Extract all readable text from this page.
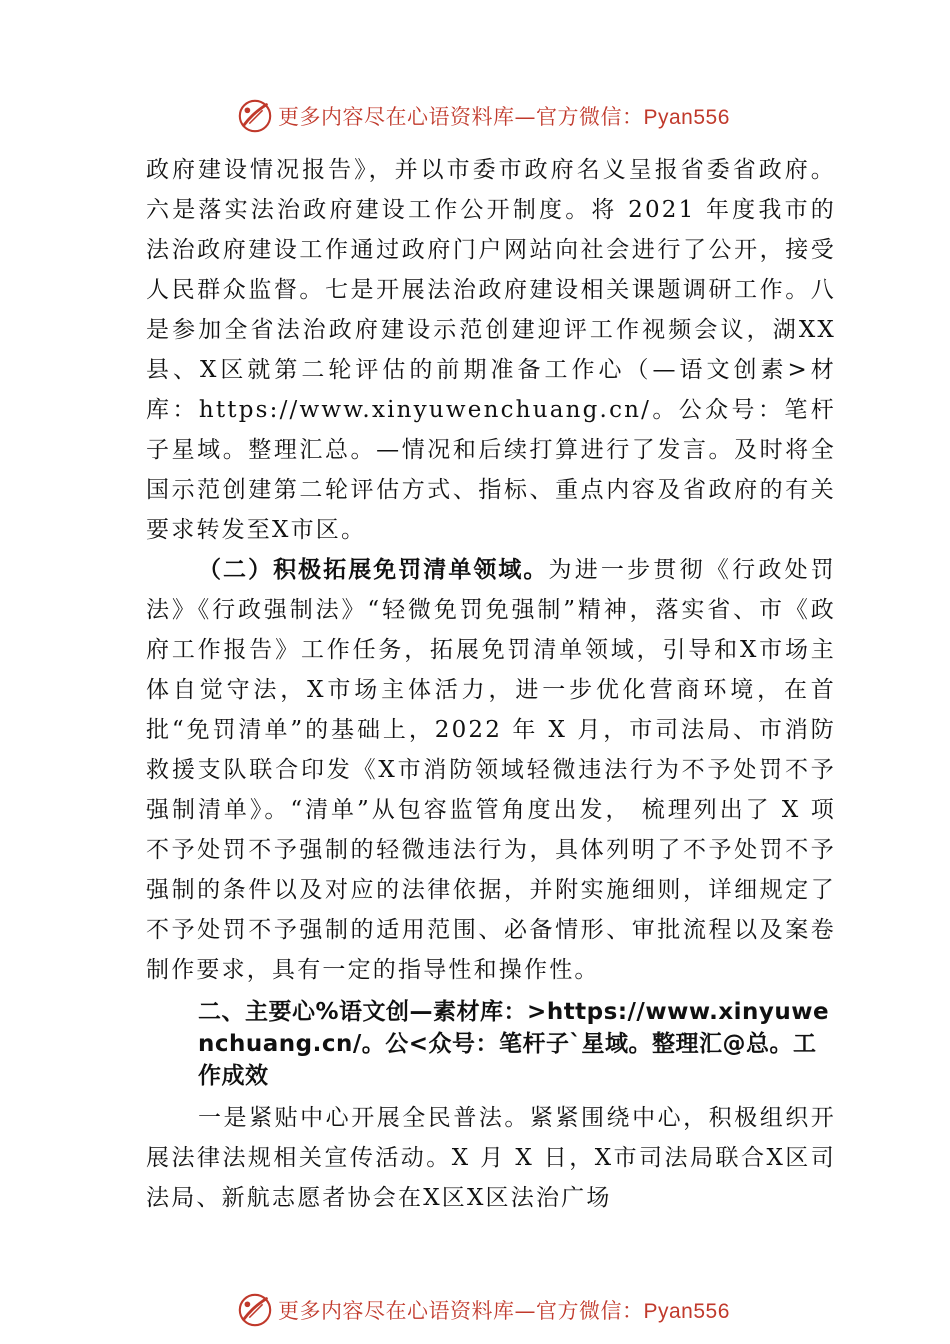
更多内容尽在心语资料库—官方微信：Pyan556

政府建设情况报告》，并以市委市政府名义呈报省委省政府。六是落实法治政府建设工作公开制度。将 2021 年度我市的法治政府建设工作通过政府门户网站向社会进行了公开，接受人民群众监督。七是开展法治政府建设相关课题调研工作。八是参加全省法治政府建设示范创建迎评工作视频会议，湖XX县、X区就第二轮评估的前期准备工作心（—语文创素>材库：https://www.xinyuwenchuang.cn/。公众号：笔杆子星域。整理汇总。—情况和后续打算进行了发言。及时将全国示范创建第二轮评估方式、指标、重点内容及省政府的有关要求转发至X市区。

（二）积极拓展免罚清单领域。为进一步贯彻《行政处罚法》《行政强制法》“轻微免罚免强制”精神，落实省、市《政府工作报告》工作任务，拓展免罚清单领域，引导和X市场主体自觉守法，X市场主体活力，进一步优化营商环境，在首批“免罚清单”的基础上，2022 年 X 月，市司法局、市消防救援支队联合印发《X市消防领域轻微违法行为不予处罚不予强制清单》。“清单”从包容监管角度出发， 梳理列出了 X 项不予处罚不予强制的轻微违法行为，具体列明了不予处罚不予强制的条件以及对应的法律依据，并附实施细则，详细规定了不予处罚不予强制的适用范围、必备情形、审批流程以及案卷制作要求，具有一定的指导性和操作性。

二、主要心%语文创—素材库：>https://www.xinyuwenchuang.cn/。公<众号：笔杆子`星域。整理汇@总。工作成效

一是紧贴中心开展全民普法。紧紧围绕中心，积极组织开展法律法规相关宣传活动。X 月 X 日，X市司法局联合X区司法局、新航志愿者协会在X区X区法治广场

更多内容尽在心语资料库—官方微信：Pyan556
